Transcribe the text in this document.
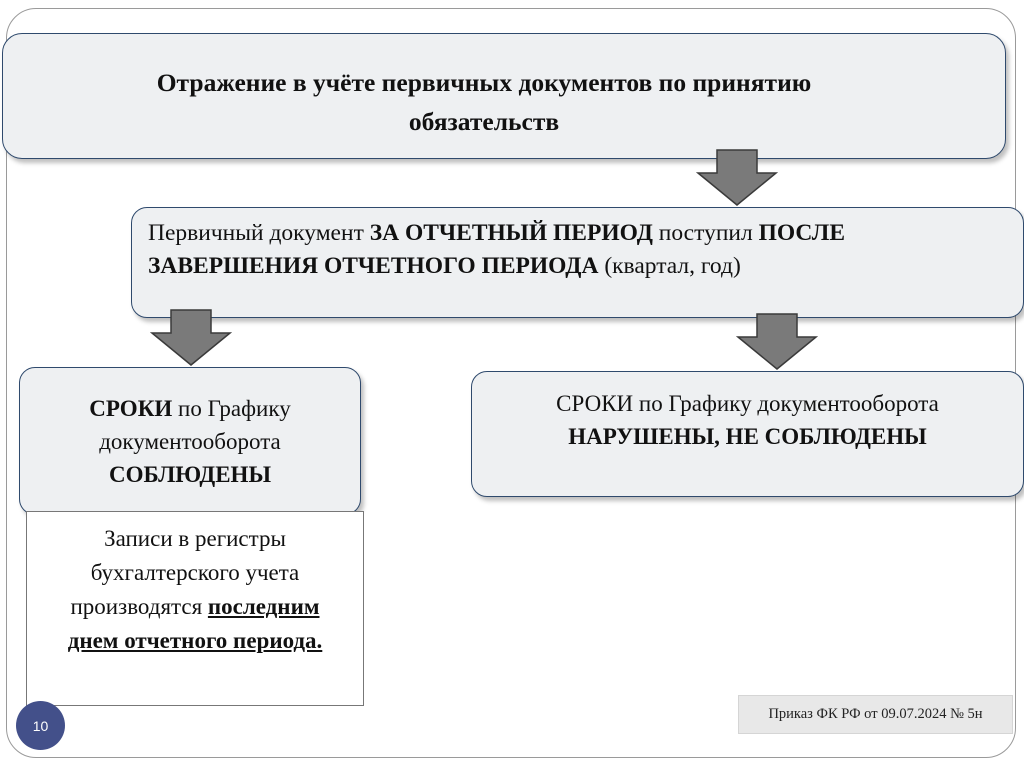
Отражение в учёте первичных документов по принятию
обязательств
Первичный документ ЗА ОТЧЕТНЫЙ ПЕРИОД поступил ПОСЛЕ
ЗАВЕРШЕНИЯ ОТЧЕТНОГО ПЕРИОДА (квартал, год)
СРОКИ по Графику
документооборота
СОБЛЮДЕНЫ
СРОКИ по Графику документооборота
НАРУШЕНЫ, НЕ СОБЛЮДЕНЫ
Записи в регистры
бухгалтерского учета
производятся последним
днем отчетного периода.
10
Приказ ФК РФ от 09.07.2024 № 5н
